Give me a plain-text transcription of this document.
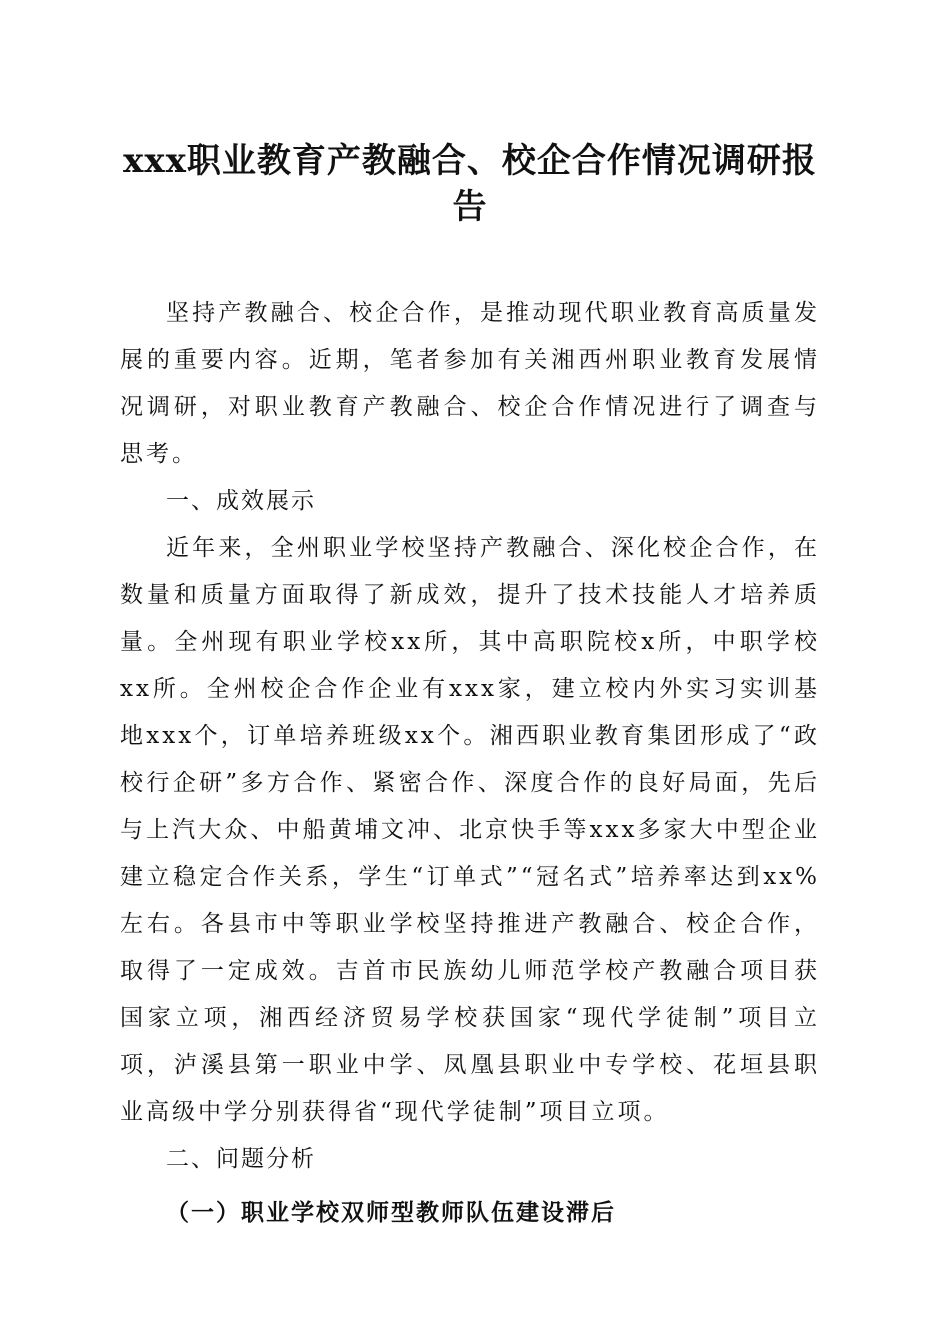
xxx职业教育产教融合、校企合作情况调研报告

坚持产教融合、校企合作，是推动现代职业教育高质量发展的重要内容。近期，笔者参加有关湘西州职业教育发展情况调研，对职业教育产教融合、校企合作情况进行了调查与思考。

一、成效展示

近年来，全州职业学校坚持产教融合、深化校企合作，在数量和质量方面取得了新成效，提升了技术技能人才培养质量。全州现有职业学校xx所，其中高职院校x所，中职学校xx所。全州校企合作企业有xxx家，建立校内外实习实训基地xxx个，订单培养班级xx个。湘西职业教育集团形成了“政校行企研”多方合作、紧密合作、深度合作的良好局面，先后与上汽大众、中船黄埔文冲、北京快手等xxx多家大中型企业建立稳定合作关系，学生“订单式”“冠名式”培养率达到xx%左右。各县市中等职业学校坚持推进产教融合、校企合作，取得了一定成效。吉首市民族幼儿师范学校产教融合项目获国家立项，湘西经济贸易学校获国家“现代学徒制”项目立项，泸溪县第一职业中学、凤凰县职业中专学校、花垣县职业高级中学分别获得省“现代学徒制”项目立项。

二、问题分析

（一）职业学校双师型教师队伍建设滞后
